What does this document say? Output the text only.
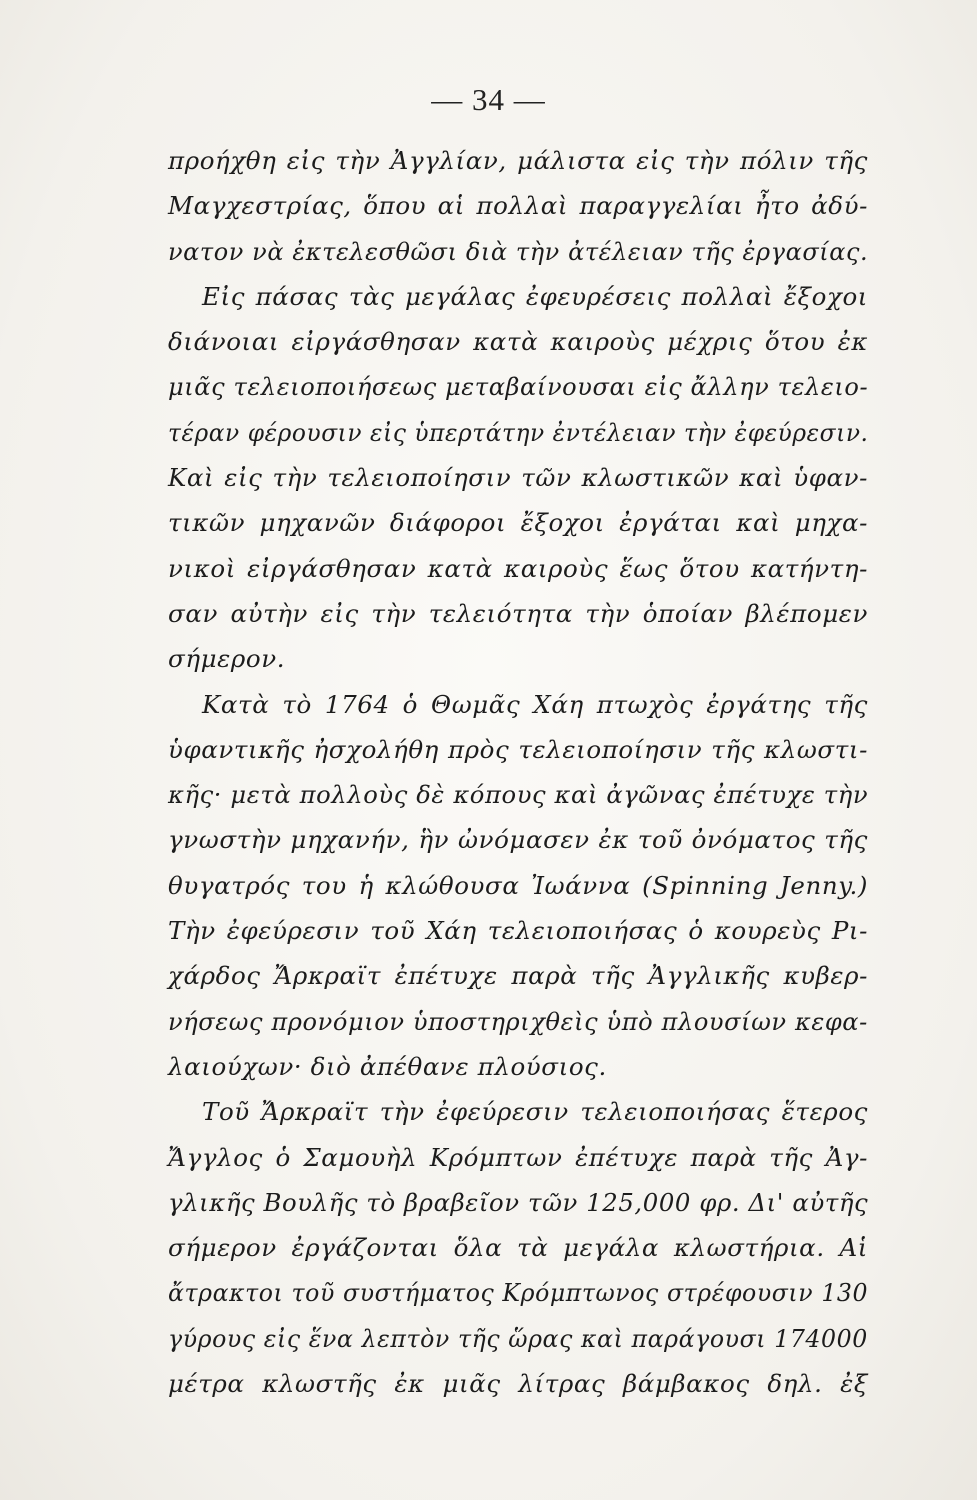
— 34 —
προήχθη εἰς τὴν Ἀγγλίαν, μάλιστα εἰς τὴν πόλιν τῆς
Μαγχεστρίας, ὅπου αἱ πολλαὶ παραγγελίαι ἦτο ἀδύ-
νατον νὰ ἐκτελεσθῶσι διὰ τὴν ἀτέλειαν τῆς ἐργασίας.
Εἰς πάσας τὰς μεγάλας ἐφευρέσεις πολλαὶ ἔξοχοι
διάνοιαι εἰργάσθησαν κατὰ καιροὺς μέχρις ὅτου ἐκ
μιᾶς τελειοποιήσεως μεταβαίνουσαι εἰς ἄλλην τελειο-
τέραν φέρουσιν εἰς ὑπερτάτην ἐντέλειαν τὴν ἐφεύρεσιν.
Καὶ εἰς τὴν τελειοποίησιν τῶν κλωστικῶν καὶ ὑφαν-
τικῶν μηχανῶν διάφοροι ἔξοχοι ἐργάται καὶ μηχα-
νικοὶ εἰργάσθησαν κατὰ καιροὺς ἕως ὅτου κατήντη-
σαν αὐτὴν εἰς τὴν τελειότητα τὴν ὁποίαν βλέπομεν
σήμερον.
Κατὰ τὸ 1764 ὁ Θωμᾶς Χάη πτωχὸς ἐργάτης τῆς
ὑφαντικῆς ἠσχολήθη πρὸς τελειοποίησιν τῆς κλωστι-
κῆς· μετὰ πολλοὺς δὲ κόπους καὶ ἀγῶνας ἐπέτυχε τὴν
γνωστὴν μηχανήν, ἣν ὠνόμασεν ἐκ τοῦ ὀνόματος τῆς
θυγατρός του ἡ κλώθουσα Ἰωάννα (Spinning Jenny.)
Τὴν ἐφεύρεσιν τοῦ Χάη τελειοποιήσας ὁ κουρεὺς Ρι-
χάρδος Ἄρκραϊτ ἐπέτυχε παρὰ τῆς Ἀγγλικῆς κυβερ-
νήσεως προνόμιον ὑποστηριχθεὶς ὑπὸ πλουσίων κεφα-
λαιούχων· διὸ ἀπέθανε πλούσιος.
Τοῦ Ἄρκραϊτ τὴν ἐφεύρεσιν τελειοποιήσας ἕτερος
Ἄγγλος ὁ Σαμουὴλ Κρόμπτων ἐπέτυχε παρὰ τῆς Ἀγ-
γλικῆς Βουλῆς τὸ βραβεῖον τῶν 125,000 φρ. Δι' αὐτῆς
σήμερον ἐργάζονται ὅλα τὰ μεγάλα κλωστήρια. Αἱ
ἄτρακτοι τοῦ συστήματος Κρόμπτωνος στρέφουσιν 130
γύρους εἰς ἕνα λεπτὸν τῆς ὥρας καὶ παράγουσι 174000
μέτρα κλωστῆς ἐκ μιᾶς λίτρας βάμβακος δηλ. ἐξ
